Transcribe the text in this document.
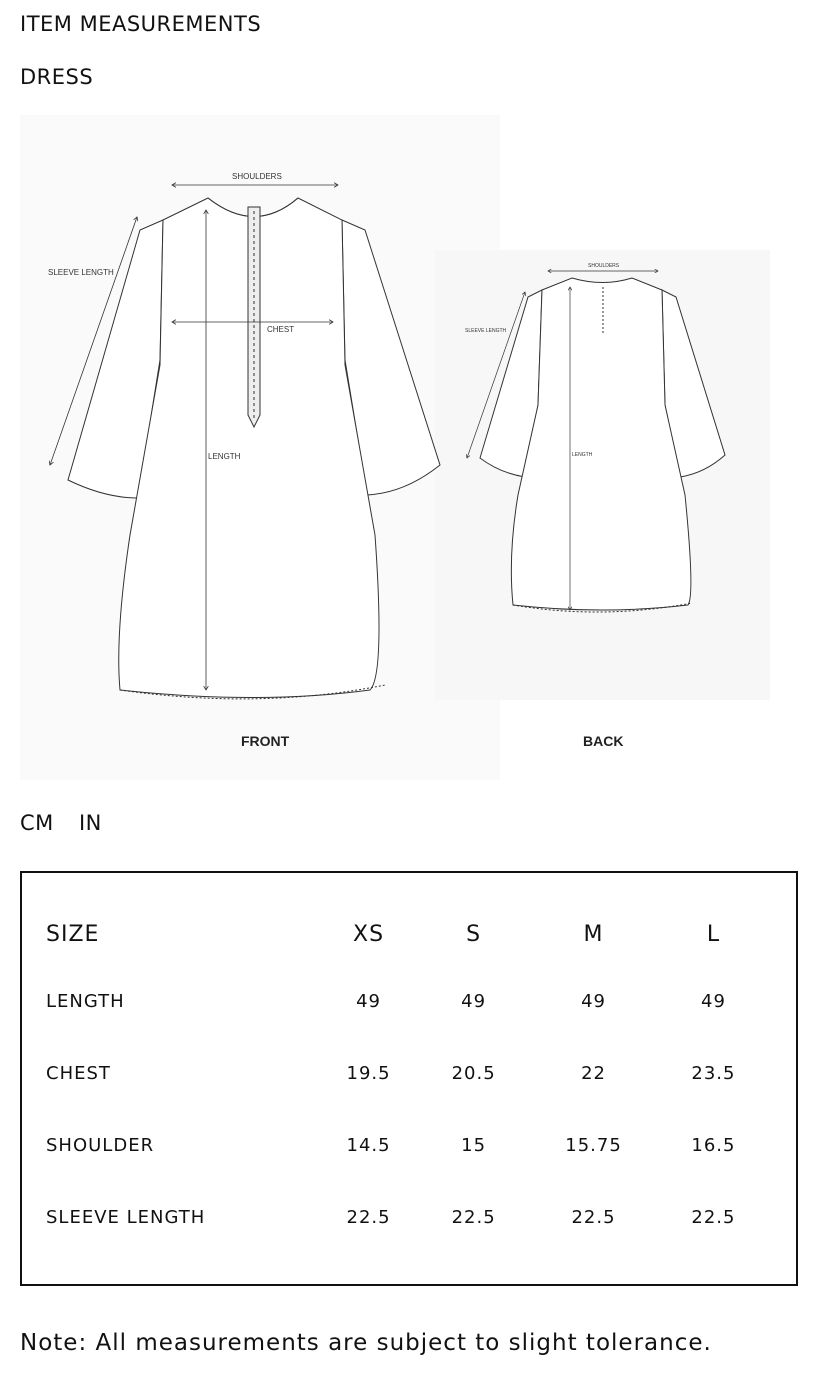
ITEM MEASUREMENTS
DRESS
SHOULDERS
SLEEVE LENGTH
CHEST
LENGTH
SHOULDERS
SLEEVE LENGTH
LENGTH
FRONT	BACK
CM IN
SIZE	XS	S	M	L
LENGTH	49	49	49	49
CHEST	19.5	20.5	22	23.5
SHOULDER	14.5	15	15.75	16.5
SLEEVE LENGTH	22.5	22.5	22.5	22.5
Note: All measurements are subject to slight tolerance.
